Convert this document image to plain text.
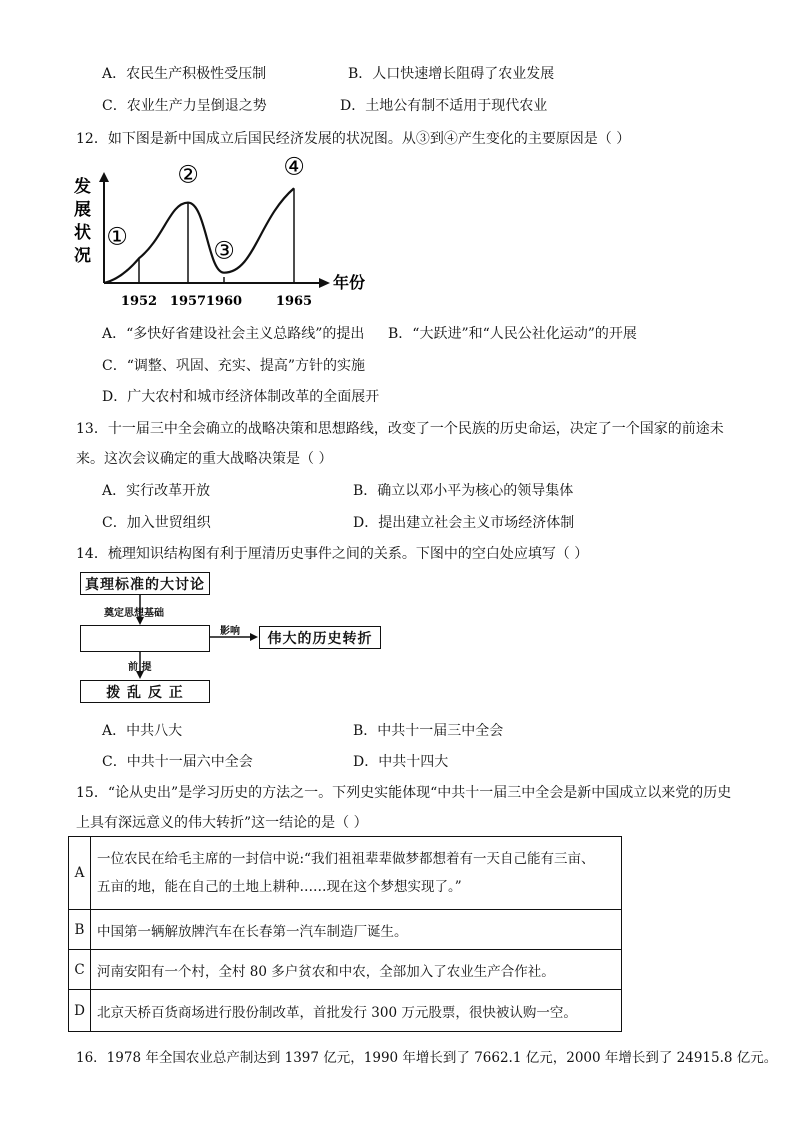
A．农民生产积极性受压制	B．人口快速增长阻碍了农业发展
C．农业生产力呈倒退之势	D．土地公有制不适用于现代农业
12．如下图是新中国成立后国民经济发展的状况图。从③到④产生变化的主要原因是（ ）
发
展
状
况
年份
①
②
③
④
1952 1957 1960	1965
A．“多快好省建设社会主义总路线”的提出 B．“大跃进”和“人民公社化运动”的开展
C．“调整、巩固、充实、提高”方针的实施
D．广大农村和城市经济体制改革的全面展开
13．十一届三中全会确立的战略决策和思想路线，改变了一个民族的历史命运，决定了一个国家的前途未
来。这次会议确定的重大战略决策是（ ）
A．实行改革开放	B．确立以邓小平为核心的领导集体
C．加入世贸组织	D．提出建立社会主义市场经济体制
14．梳理知识结构图有利于厘清历史事件之间的关系。下图中的空白处应填写（ ）
真理标准的大讨论
奠定思想基础
影响 伟大的历史转折
前 提
拨 乱 反 正
A．中共八大	B．中共十一届三中全会
C．中共十一届六中全会	D．中共十四大
15．“论从史出”是学习历史的方法之一。下列史实能体现“中共十一届三中全会是新中国成立以来党的历史
上具有深远意义的伟大转折”这一结论的是（ ）
A	一位农民在给毛主席的一封信中说:“我们祖祖辈辈做梦都想着有一天自己能有三亩、
五亩的地，能在自己的土地上耕种……现在这个梦想实现了。”

B	中国第一辆解放牌汽车在长春第一汽车制造厂诞生。
C	河南安阳有一个村，全村 80 多户贫农和中农，全部加入了农业生产合作社。
D	北京天桥百货商场进行股份制改革，首批发行 300 万元股票，很快被认购一空。
16．1978 年全国农业总产制达到 1397 亿元，1990 年增长到了 7662.1 亿元，2000 年增长到了 24915.8 亿元。
